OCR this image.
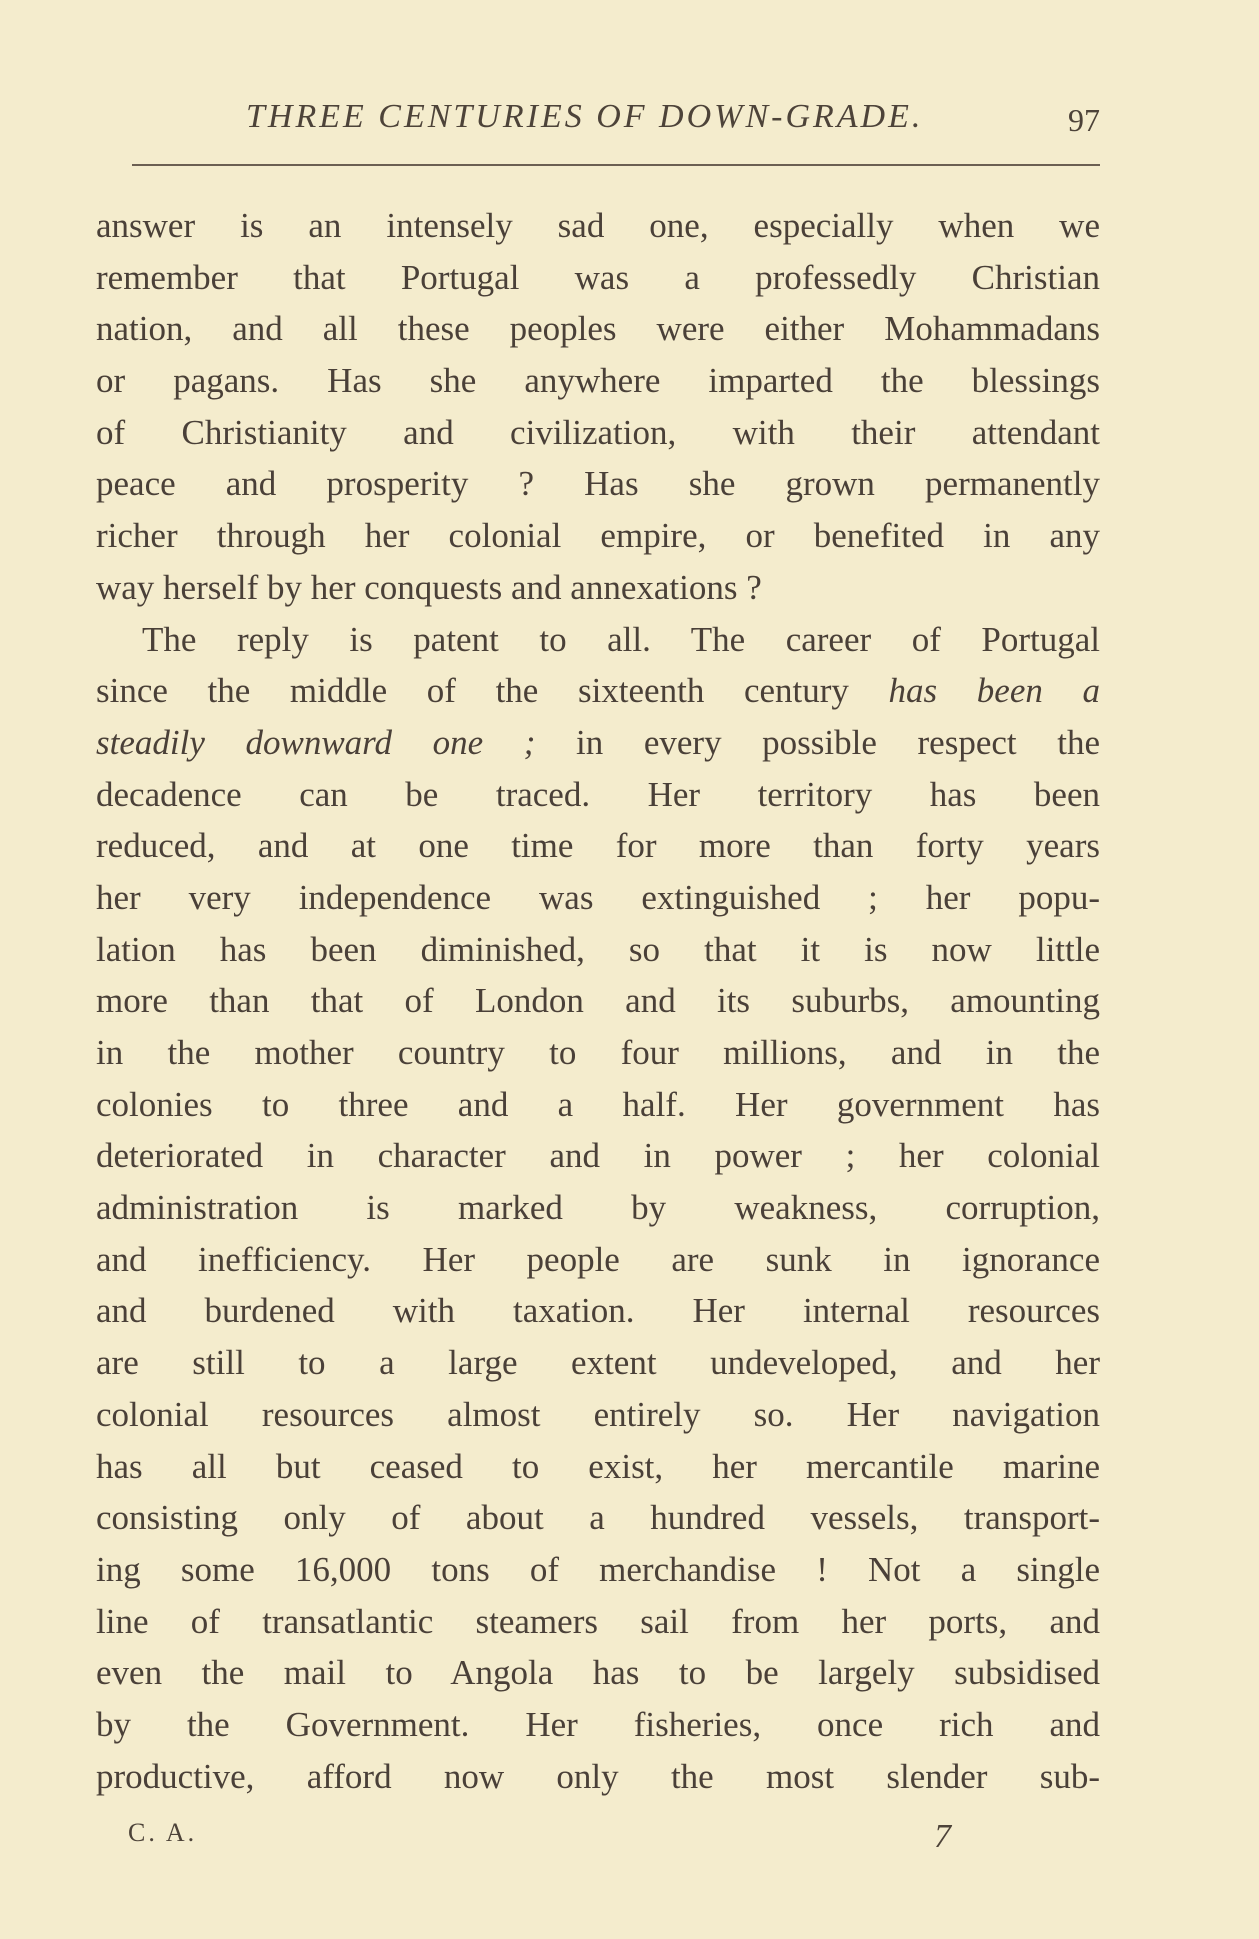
THREE CENTURIES OF DOWN-GRADE.	97
answer is an intensely sad one, especially when we
remember that Portugal was a professedly Christian
nation, and all these peoples were either Mohammadans
or pagans. Has she anywhere imparted the blessings
of Christianity and civilization, with their attendant
peace and prosperity ? Has she grown permanently
richer through her colonial empire, or benefited in any
way herself by her conquests and annexations ?
The reply is patent to all. The career of Portugal
since the middle of the sixteenth century has been a
steadily downward one ; in every possible respect the
decadence can be traced. Her territory has been
reduced, and at one time for more than forty years
her very independence was extinguished ; her popu-
lation has been diminished, so that it is now little
more than that of London and its suburbs, amounting
in the mother country to four millions, and in the
colonies to three and a half. Her government has
deteriorated in character and in power ; her colonial
administration is marked by weakness, corruption,
and inefficiency. Her people are sunk in ignorance
and burdened with taxation. Her internal resources
are still to a large extent undeveloped, and her
colonial resources almost entirely so. Her navigation
has all but ceased to exist, her mercantile marine
consisting only of about a hundred vessels, transport-
ing some 16,000 tons of merchandise ! Not a single
line of transatlantic steamers sail from her ports, and
even the mail to Angola has to be largely subsidised
by the Government. Her fisheries, once rich and
productive, afford now only the most slender sub-
C. A.	7
